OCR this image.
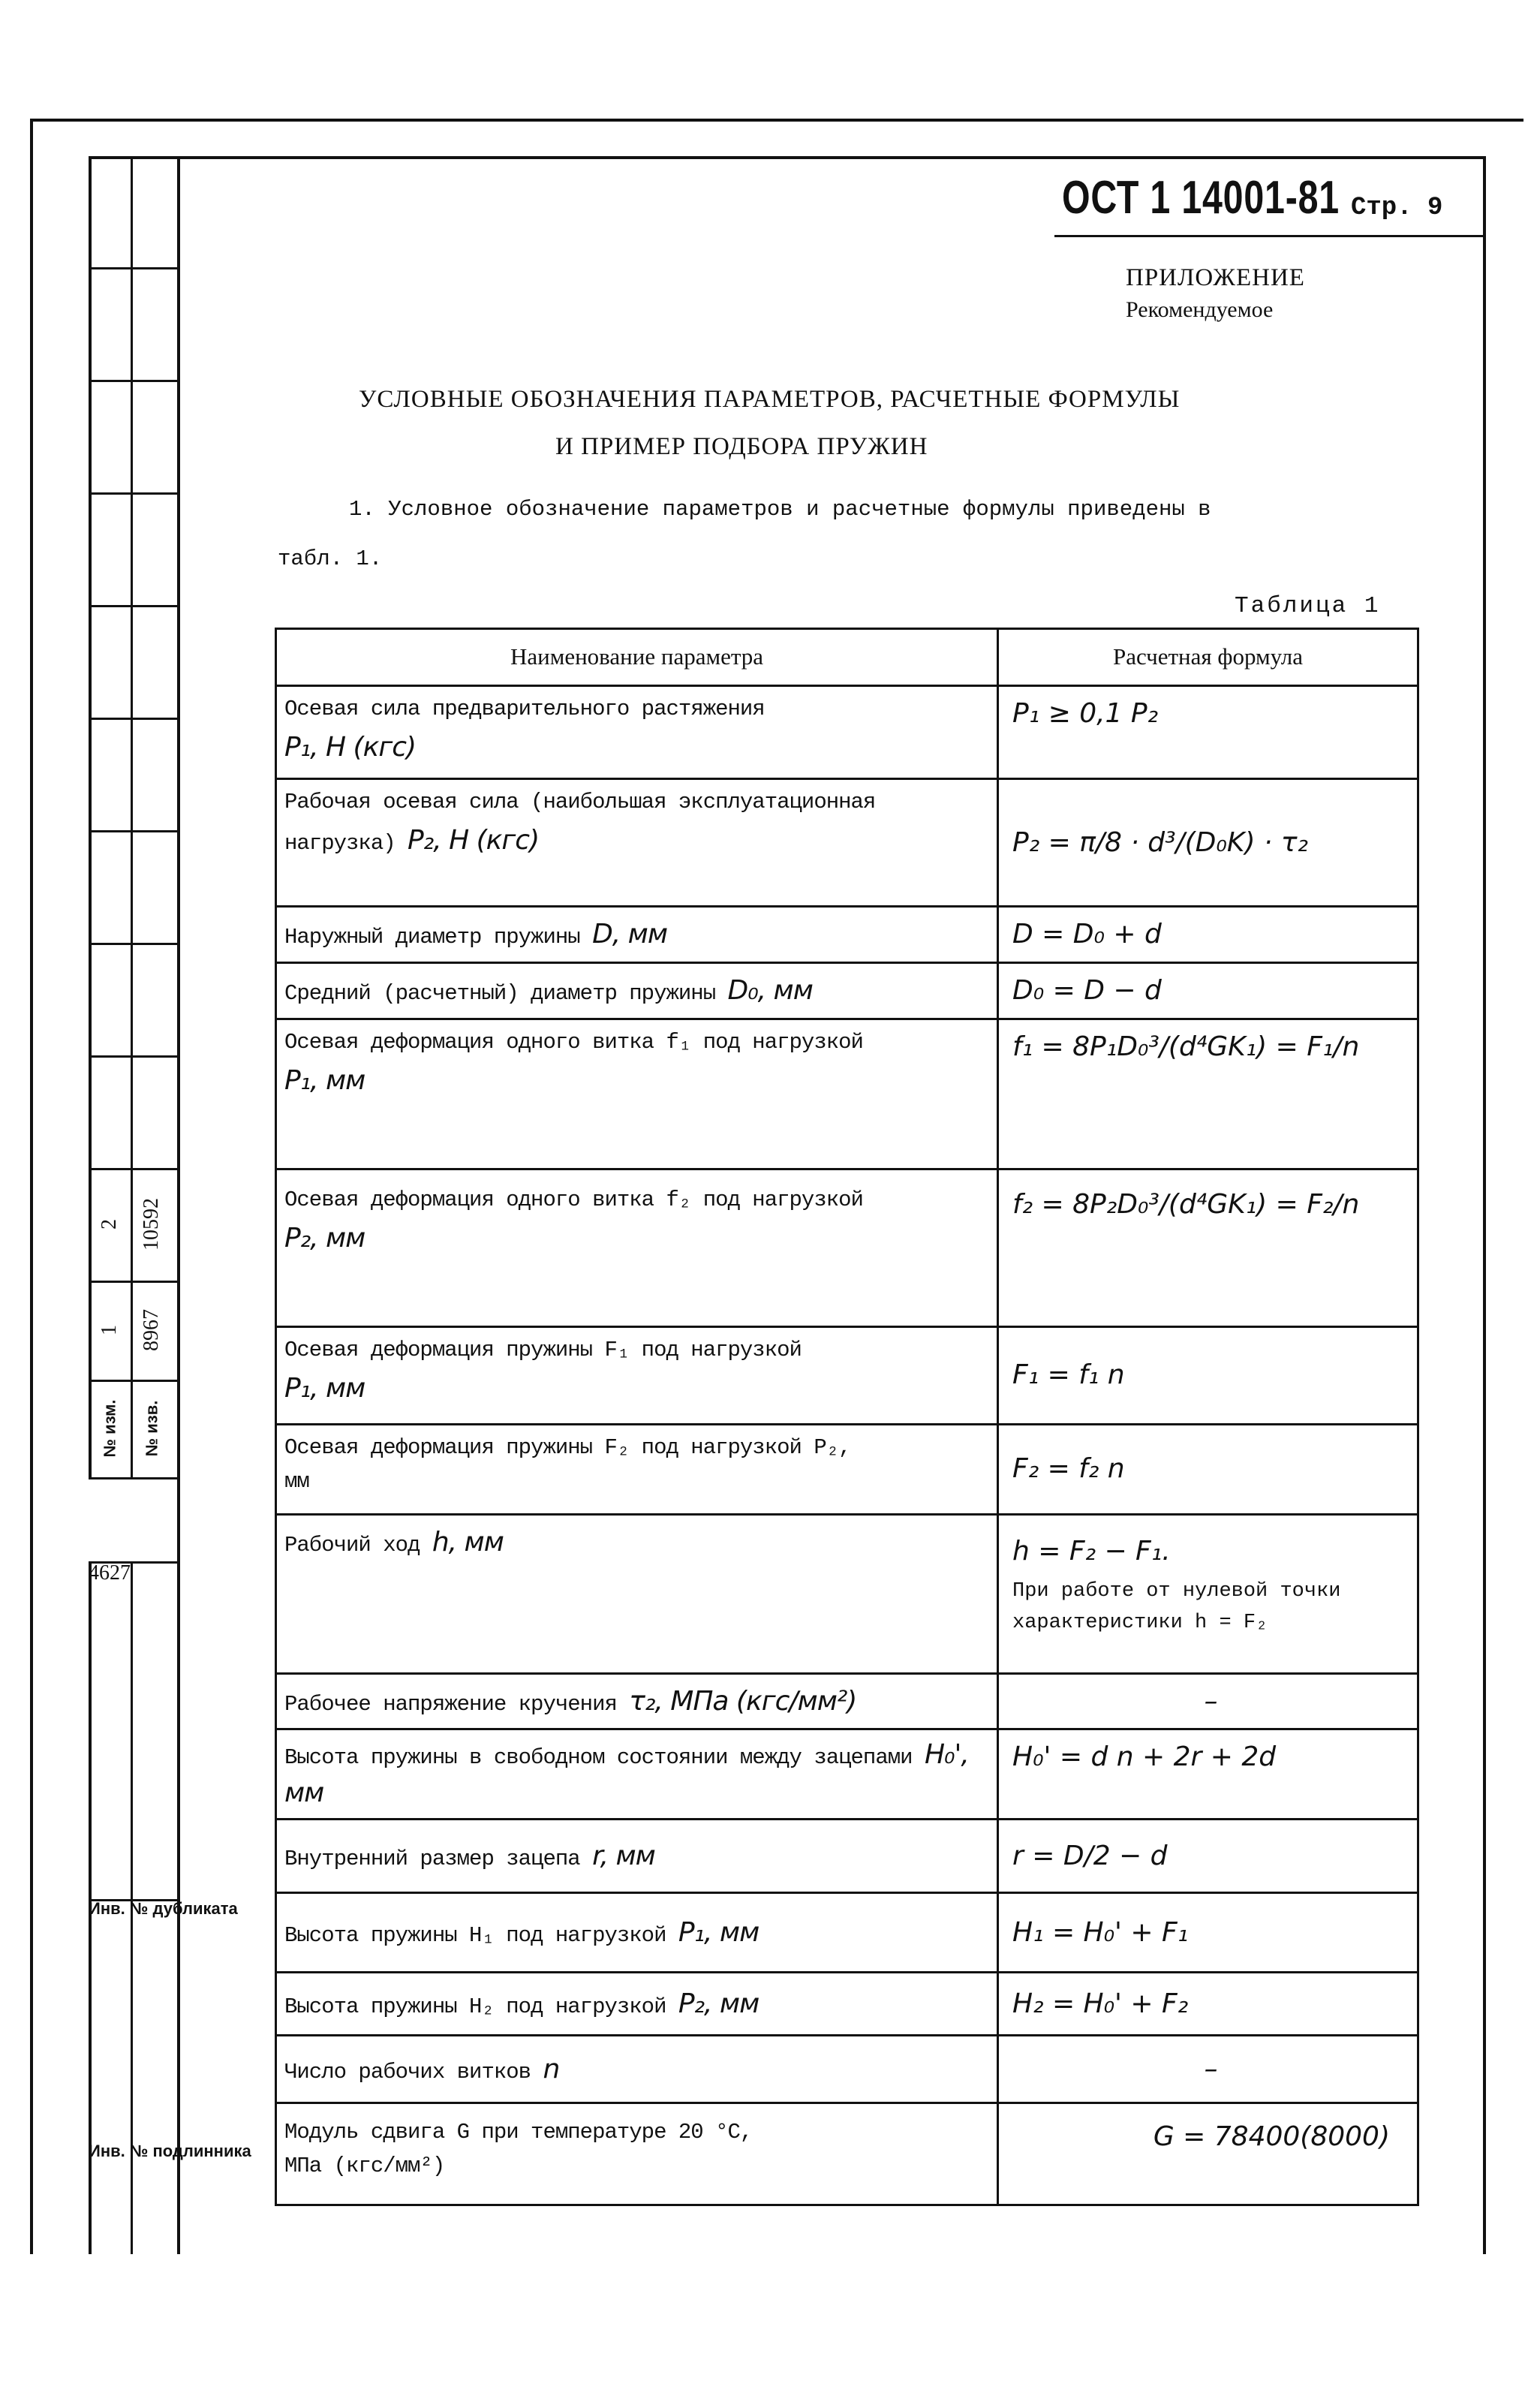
2 10592
1 8967
№ изм. № изв.
4627
Инв. № дубликата
Инв. № подлинника
ОСТ 1 14001-81 Стр. 9
ПРИЛОЖЕНИЕ
Рекомендуемое
УСЛОВНЫЕ ОБОЗНАЧЕНИЯ ПАРАМЕТРОВ, РАСЧЕТНЫЕ ФОРМУЛЫ
И ПРИМЕР ПОДБОРА ПРУЖИН
1. Условное обозначение параметров и расчетные формулы приведены в
табл. 1.
Таблица 1
Наименование параметра	Расчетная формула
Осевая сила предварительного растяжения
P₁, Н (кгс)	P₁ ≥ 0,1 P₂
Рабочая осевая сила (наибольшая эксплуатационная нагрузка) P₂, Н (кгс)	P₂ = π/8 · d³/(D₀K) · τ₂
Наружный диаметр пружины D, мм	D = D₀ + d
Средний (расчетный) диаметр пружины D₀, мм	D₀ = D − d
Осевая деформация одного витка f₁ под нагрузкой
P₁, мм	f₁ = 8P₁D₀³/(d⁴GK₁) = F₁/n
Осевая деформация одного витка f₂ под нагрузкой
P₂, мм	f₂ = 8P₂D₀³/(d⁴GK₁) = F₂/n
Осевая деформация пружины F₁ под нагрузкой
P₁, мм	F₁ = f₁ n
Осевая деформация пружины F₂ под нагрузкой P₂,
мм	F₂ = f₂ n
Рабочий ход h, мм	h = F₂ − F₁.
При работе от нулевой точки характеристики h = F₂

Рабочее напряжение кручения τ₂, МПа (кгс/мм²)	–
Высота пружины в свободном состоянии между зацепами H₀', мм	H₀' = d n + 2r + 2d
Внутренний размер зацепа r, мм	r = D/2 − d
Высота пружины H₁ под нагрузкой P₁, мм	H₁ = H₀' + F₁
Высота пружины H₂ под нагрузкой P₂, мм	H₂ = H₀' + F₂
Число рабочих витков n	–
Модуль сдвига G при температуре 20 °С,
МПа (кгс/мм²)	G = 78400(8000)
